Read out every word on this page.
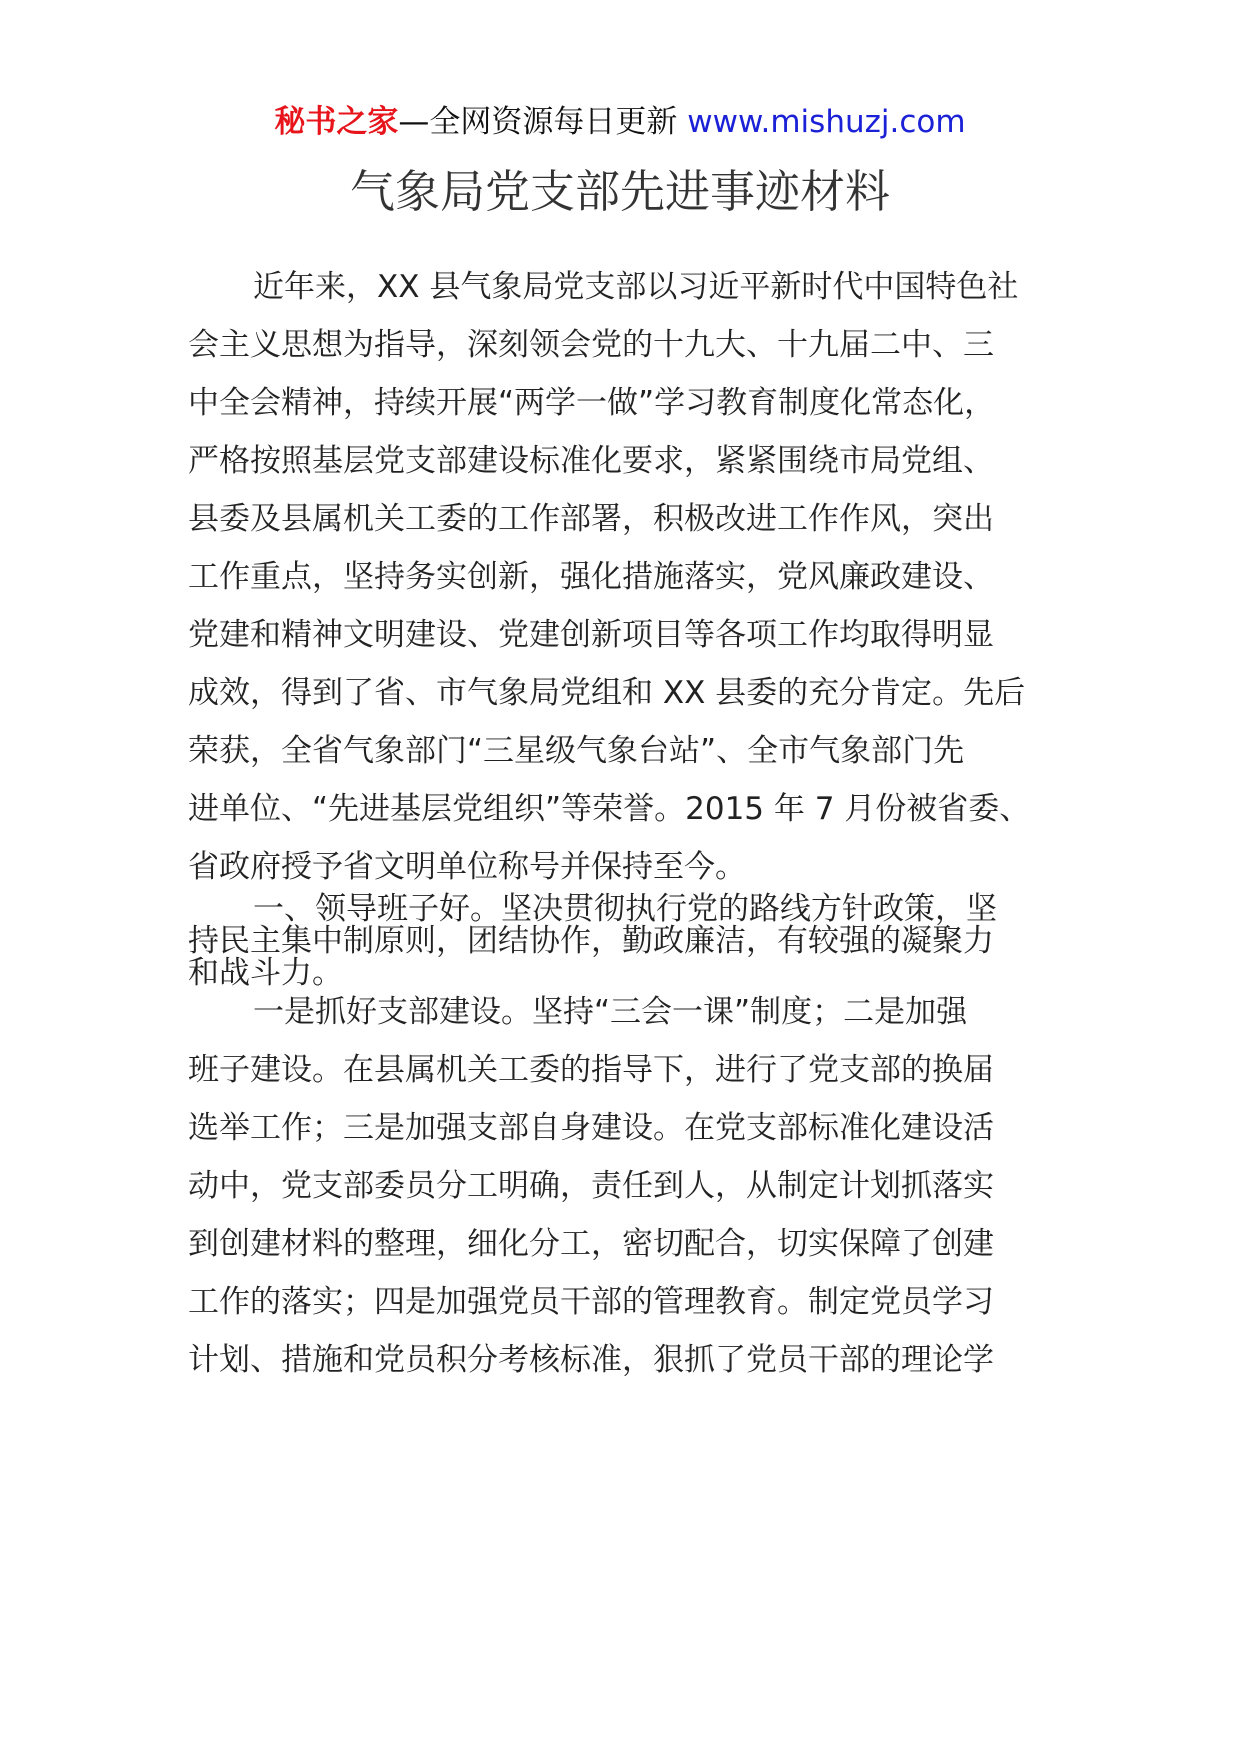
秘书之家—全网资源每日更新 www.mishuzj.com
气象局党支部先进事迹材料
近年来，XX 县气象局党支部以习近平新时代中国特色社
会主义思想为指导，深刻领会党的十九大、十九届二中、三
中全会精神，持续开展“两学一做”学习教育制度化常态化，
严格按照基层党支部建设标准化要求，紧紧围绕市局党组、
县委及县属机关工委的工作部署，积极改进工作作风，突出
工作重点，坚持务实创新，强化措施落实，党风廉政建设、
党建和精神文明建设、党建创新项目等各项工作均取得明显
成效，得到了省、市气象局党组和 XX 县委的充分肯定。先后
荣获，全省气象部门“三星级气象台站”、全市气象部门先
进单位、“先进基层党组织”等荣誉。2015 年 7 月份被省委、
省政府授予省文明单位称号并保持至今。
一、领导班子好。坚决贯彻执行党的路线方针政策，坚
持民主集中制原则，团结协作，勤政廉洁，有较强的凝聚力
和战斗力。
一是抓好支部建设。坚持“三会一课”制度；二是加强
班子建设。在县属机关工委的指导下，进行了党支部的换届
选举工作；三是加强支部自身建设。在党支部标准化建设活
动中，党支部委员分工明确，责任到人，从制定计划抓落实
到创建材料的整理，细化分工，密切配合，切实保障了创建
工作的落实；四是加强党员干部的管理教育。制定党员学习
计划、措施和党员积分考核标准，狠抓了党员干部的理论学
